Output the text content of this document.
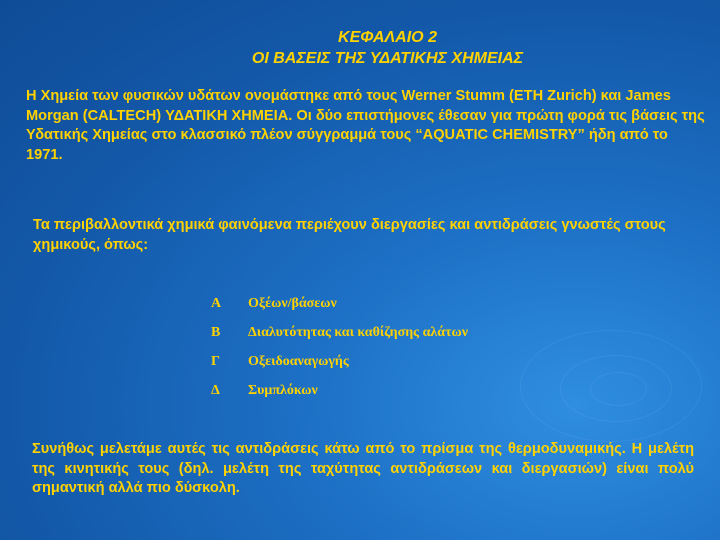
ΚΕΦΑΛΑΙΟ 2
ΟΙ ΒΑΣΕΙΣ ΤΗΣ ΥΔΑΤΙΚΗΣ ΧΗΜΕΙΑΣ
Η Χημεία των φυσικών υδάτων ονομάστηκε από τους Werner Stumm (ETH Zurich) και James Morgan (CALTECH) ΥΔΑΤΙΚΗ ΧΗΜΕΙΑ. Οι δύο επιστήμονες έθεσαν για πρώτη φορά τις βάσεις της Υδατικής Χημείας στο κλασσικό πλέον σύγγραμμά τους “AQUATIC CHEMISTRY” ήδη από το 1971.
Τα περιβαλλοντικά χημικά φαινόμενα περιέχουν διεργασίες και αντιδράσεις γνωστές στους χημικούς, όπως:
Α	Οξέων/βάσεων
Β	Διαλυτότητας και καθίζησης αλάτων
Γ	Οξειδοαναγωγής
Δ	Συμπλόκων
Συνήθως μελετάμε αυτές τις αντιδράσεις κάτω από το πρίσμα της θερμοδυναμικής. Η μελέτη της κινητικής τους (δηλ. μελέτη της ταχύτητας αντιδράσεων και διεργασιών) είναι πολύ σημαντική αλλά πιο δύσκολη.
